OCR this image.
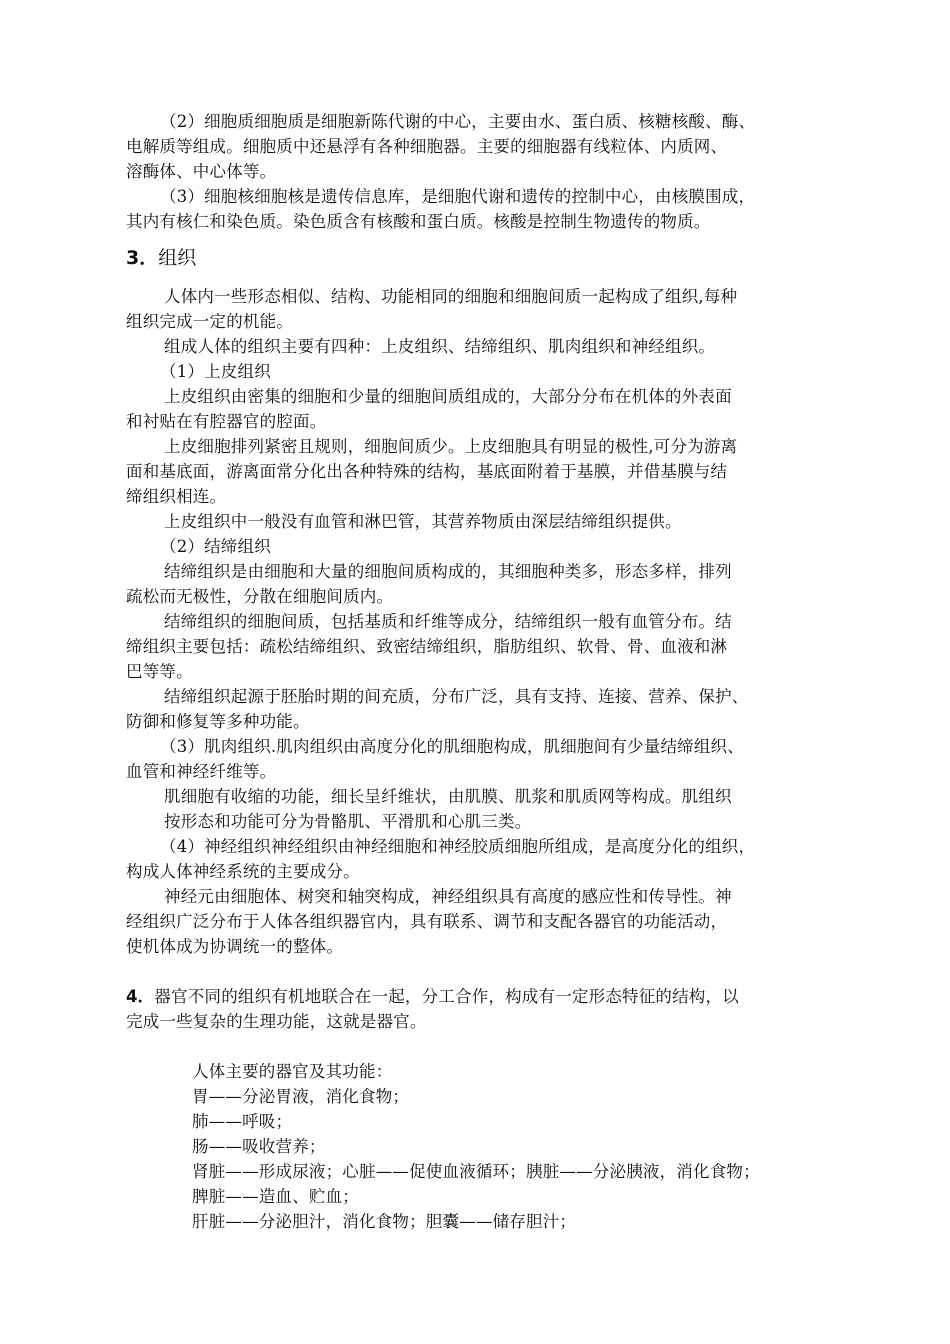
（2）细胞质细胞质是细胞新陈代谢的中心，主要由水、蛋白质、核糖核酸、酶、
电解质等组成。细胞质中还悬浮有各种细胞器。主要的细胞器有线粒体、内质网、
溶酶体、中心体等。
（3）细胞核细胞核是遗传信息库，是细胞代谢和遗传的控制中心，由核膜围成，
其内有核仁和染色质。染色质含有核酸和蛋白质。核酸是控制生物遗传的物质。
3．组织
人体内一些形态相似、结构、功能相同的细胞和细胞间质一起构成了组织,每种
组织完成一定的机能。
组成人体的组织主要有四种：上皮组织、结缔组织、肌肉组织和神经组织。
（1）上皮组织
上皮组织由密集的细胞和少量的细胞间质组成的，大部分分布在机体的外表面
和衬贴在有腔器官的腔面。
上皮细胞排列紧密且规则，细胞间质少。上皮细胞具有明显的极性,可分为游离
面和基底面，游离面常分化出各种特殊的结构，基底面附着于基膜，并借基膜与结
缔组织相连。
上皮组织中一般没有血管和淋巴管，其营养物质由深层结缔组织提供。
（2）结缔组织
结缔组织是由细胞和大量的细胞间质构成的，其细胞种类多，形态多样，排列
疏松而无极性，分散在细胞间质内。
结缔组织的细胞间质，包括基质和纤维等成分，结缔组织一般有血管分布。结
缔组织主要包括：疏松结缔组织、致密结缔组织，脂肪组织、软骨、骨、血液和淋
巴等等。
结缔组织起源于胚胎时期的间充质，分布广泛，具有支持、连接、营养、保护、
防御和修复等多种功能。
（3）肌肉组织.肌肉组织由高度分化的肌细胞构成，肌细胞间有少量结缔组织、
血管和神经纤维等。
肌细胞有收缩的功能，细长呈纤维状，由肌膜、肌浆和肌质网等构成。肌组织
按形态和功能可分为骨骼肌、平滑肌和心肌三类。
（4）神经组织神经组织由神经细胞和神经胶质细胞所组成，是高度分化的组织，
构成人体神经系统的主要成分。
神经元由细胞体、树突和轴突构成，神经组织具有高度的感应性和传导性。神
经组织广泛分布于人体各组织器官内，具有联系、调节和支配各器官的功能活动，
使机体成为协调统一的整体。
4．器官不同的组织有机地联合在一起，分工合作，构成有一定形态特征的结构，以
完成一些复杂的生理功能，这就是器官。
人体主要的器官及其功能：
胃——分泌胃液，消化食物；
肺——呼吸；
肠——吸收营养；
肾脏——形成尿液；心脏——促使血液循环；胰脏——分泌胰液，消化食物；
脾脏——造血、贮血；
肝脏——分泌胆汁，消化食物；胆囊——储存胆汁；
